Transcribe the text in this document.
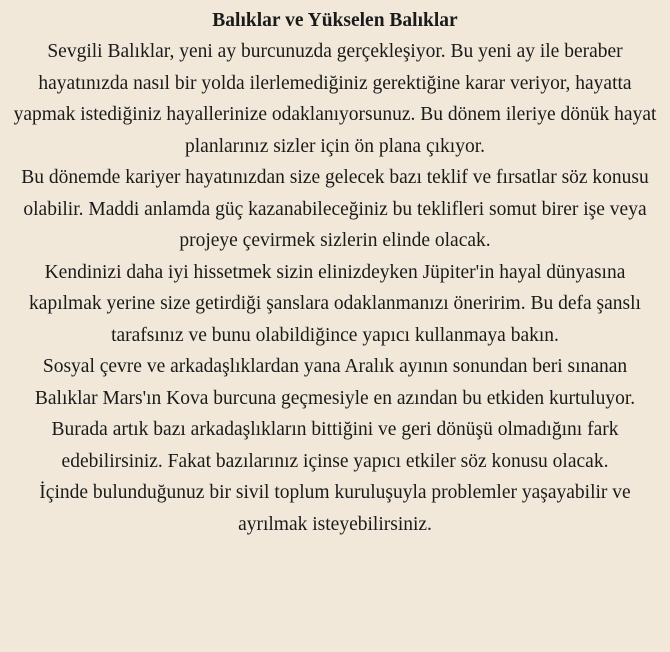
Balıklar ve Yükselen Balıklar

Sevgili Balıklar, yeni ay burcunuzda gerçekleşiyor. Bu yeni ay ile beraber hayatınızda nasıl bir yolda ilerlemediğiniz gerektiğine karar veriyor, hayatta yapmak istediğiniz hayallerinize odaklanıyorsunuz. Bu dönem ileriye dönük hayat planlarınız sizler için ön plana çıkıyor.

Bu dönemde kariyer hayatınızdan size gelecek bazı teklif ve fırsatlar söz konusu olabilir. Maddi anlamda güç kazanabileceğiniz bu teklifleri somut birer işe veya projeye çevirmek sizlerin elinde olacak.

Kendinizi daha iyi hissetmek sizin elinizdeyken Jüpiter'in hayal dünyasına kapılmak yerine size getirdiği şanslara odaklanmanızı öneririm. Bu defa şanslı tarafsınız ve bunu olabildiğince yapıcı kullanmaya bakın.

Sosyal çevre ve arkadaşlıklardan yana Aralık ayının sonundan beri sınanan Balıklar Mars'ın Kova burcuna geçmesiyle en azından bu etkiden kurtuluyor. Burada artık bazı arkadaşlıkların bittiğini ve geri dönüşü olmadığını fark edebilirsiniz. Fakat bazılarınız içinse yapıcı etkiler söz konusu olacak.

İçinde bulunduğunuz bir sivil toplum kuruluşuyla problemler yaşayabilir ve ayrılmak isteyebilirsiniz.
